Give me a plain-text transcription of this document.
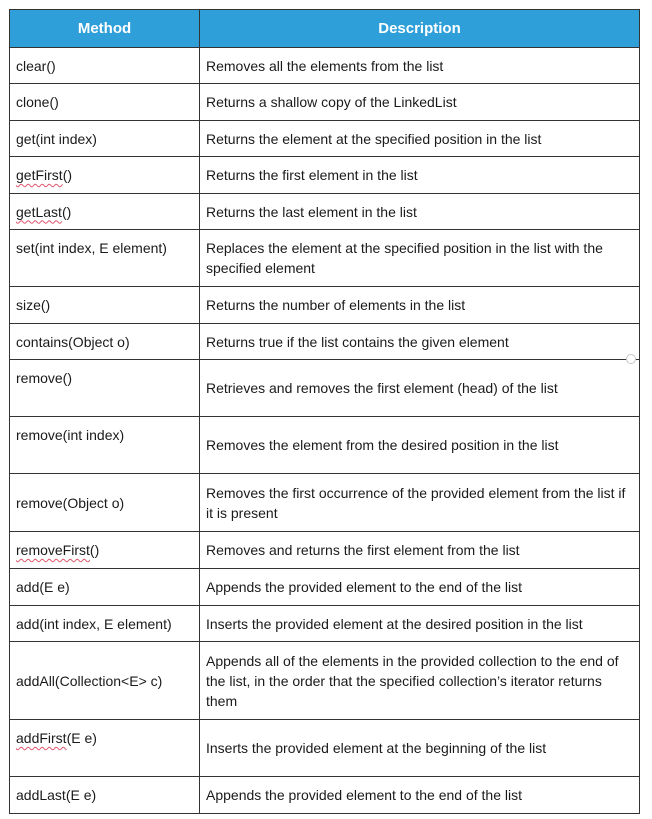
Method	Description
clear()	Removes all the elements from the list
clone()	Returns a shallow copy of the LinkedList
get(int index)	Returns the element at the specified position in the list
getFirst()	Returns the first element in the list
getLast()	Returns the last element in the list
set(int index, E element)	Replaces the element at the specified position in the list with the specified element
size()	Returns the number of elements in the list
contains(Object o)	Returns true if the list contains the given element
remove()	Retrieves and removes the first element (head) of the list
remove(int index)	Removes the element from the desired position in the list
remove(Object o)	Removes the first occurrence of the provided element from the list if it is present
removeFirst()	Removes and returns the first element from the list
add(E e)	Appends the provided element to the end of the list
add(int index, E element)	Inserts the provided element at the desired position in the list
addAll(Collection<E> c)	Appends all of the elements in the provided collection to the end of the list, in the order that the specified collection’s iterator returns them
addFirst(E e)	Inserts the provided element at the beginning of the list
addLast(E e)	Appends the provided element to the end of the list
